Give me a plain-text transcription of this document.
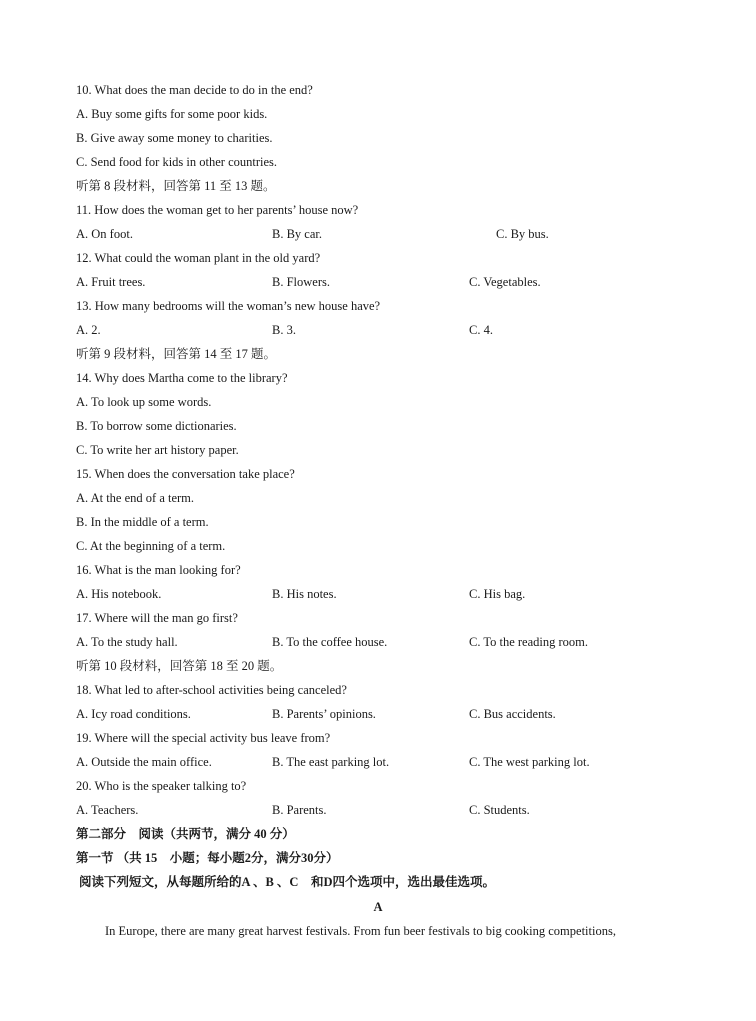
10. What does the man decide to do in the end?
A. Buy some gifts for some poor kids.
B. Give away some money to charities.
C. Send food for kids in other countries.
听第 8 段材料，回答第 11 至 13 题。
11. How does the woman get to her parents’ house now?
A. On foot.	B. By car.	C. By bus.
12. What could the woman plant in the old yard?
A. Fruit trees.	B. Flowers.	C. Vegetables.
13. How many bedrooms will the woman’s new house have?
A. 2.	B. 3.	C. 4.
听第 9 段材料，回答第 14 至 17 题。
14. Why does Martha come to the library?
A. To look up some words.
B. To borrow some dictionaries.
C. To write her art history paper.
15. When does the conversation take place?
A. At the end of a term.
B. In the middle of a term.
C. At the beginning of a term.
16. What is the man looking for?
A. His notebook.	B. His notes.	C. His bag.
17. Where will the man go first?
A. To the study hall.	B. To the coffee house.	C. To the reading room.
听第 10 段材料，回答第 18 至 20 题。
18. What led to after-school activities being canceled?
A. Icy road conditions.	B. Parents’ opinions.	C. Bus accidents.
19. Where will the special activity bus leave from?
A. Outside the main office.	B. The east parking lot.	C. The west parking lot.
20. Who is the speaker talking to?
A. Teachers.	B. Parents.	C. Students.
第二部分　阅读（共两节，满分 40 分）
第一节 （共 15　小题；每小题2分，满分30分）
阅读下列短文，从每题所给的A 、B 、C　和D四个选项中，选出最佳选项。
A
In Europe, there are many great harvest festivals. From fun beer festivals to big cooking competitions,
